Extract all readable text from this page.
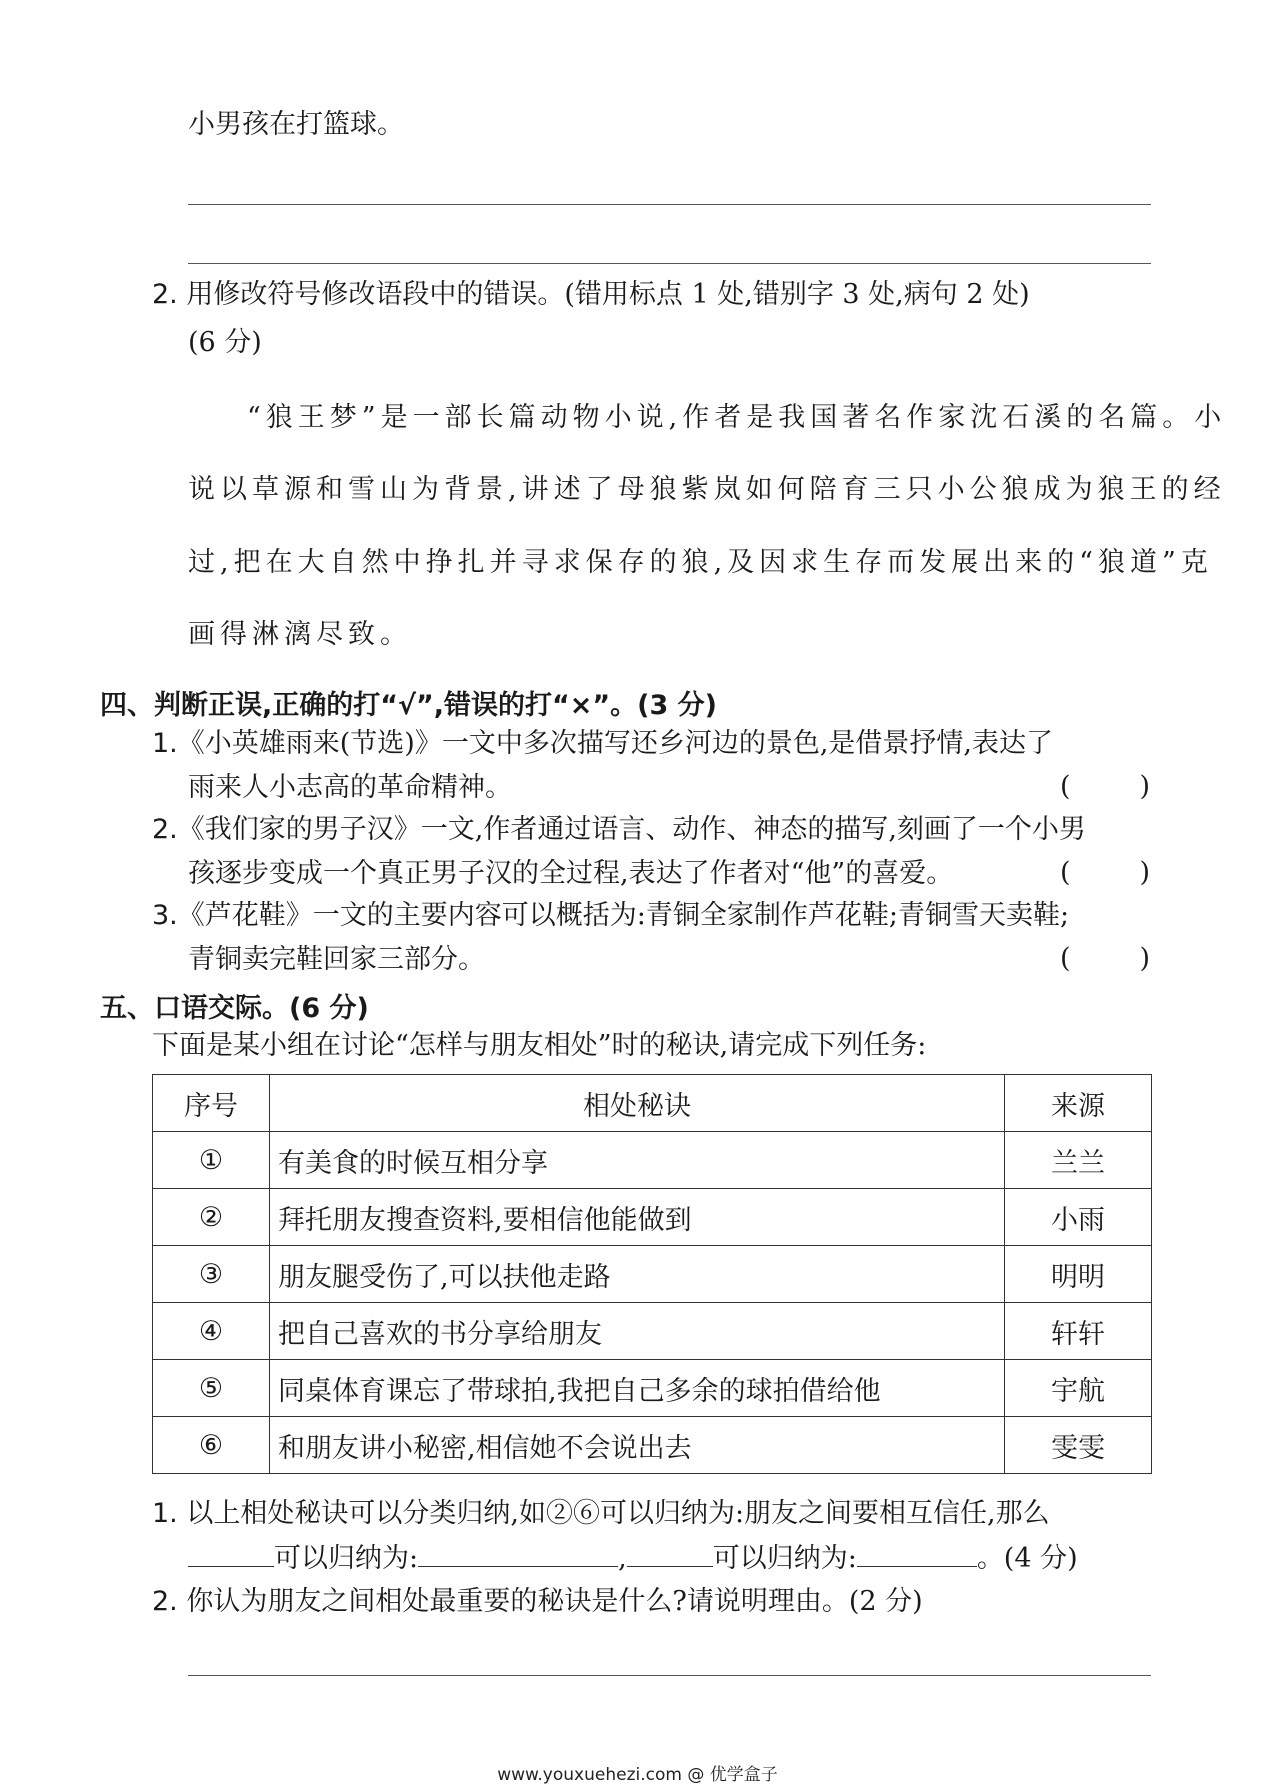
小男孩在打篮球。
2. 用修改符号修改语段中的错误。(错用标点 1 处,错别字 3 处,病句 2 处)
(6 分)
“狼王梦”是一部长篇动物小说,作者是我国著名作家沈石溪的名篇。小
说以草源和雪山为背景,讲述了母狼紫岚如何陪育三只小公狼成为狼王的经
过,把在大自然中挣扎并寻求保存的狼,及因求生存而发展出来的“狼道”克
画得淋漓尽致。
四、判断正误,正确的打“√”,错误的打“×”。(3 分)
1.《小英雄雨来(节选)》一文中多次描写还乡河边的景色,是借景抒情,表达了
雨来人小志高的革命精神。	(	)
2.《我们家的男子汉》一文,作者通过语言、动作、神态的描写,刻画了一个小男
孩逐步变成一个真正男子汉的全过程,表达了作者对“他”的喜爱。	(	)
3.《芦花鞋》一文的主要内容可以概括为:青铜全家制作芦花鞋;青铜雪天卖鞋;
青铜卖完鞋回家三部分。	(	)
五、口语交际。(6 分)
下面是某小组在讨论“怎样与朋友相处”时的秘诀,请完成下列任务:
序号	相处秘诀	来源
①	有美食的时候互相分享	兰兰
②	拜托朋友搜查资料,要相信他能做到	小雨
③	朋友腿受伤了,可以扶他走路	明明
④	把自己喜欢的书分享给朋友	轩轩
⑤	同桌体育课忘了带球拍,我把自己多余的球拍借给他	宇航
⑥	和朋友讲小秘密,相信她不会说出去	雯雯
1. 以上相处秘诀可以分类归纳,如②⑥可以归纳为:朋友之间要相互信任,那么
可以归纳为:	,	可以归纳为:	。(4 分)
2. 你认为朋友之间相处最重要的秘诀是什么?请说明理由。(2 分)
www.youxuehezi.com @ 优学盒子
